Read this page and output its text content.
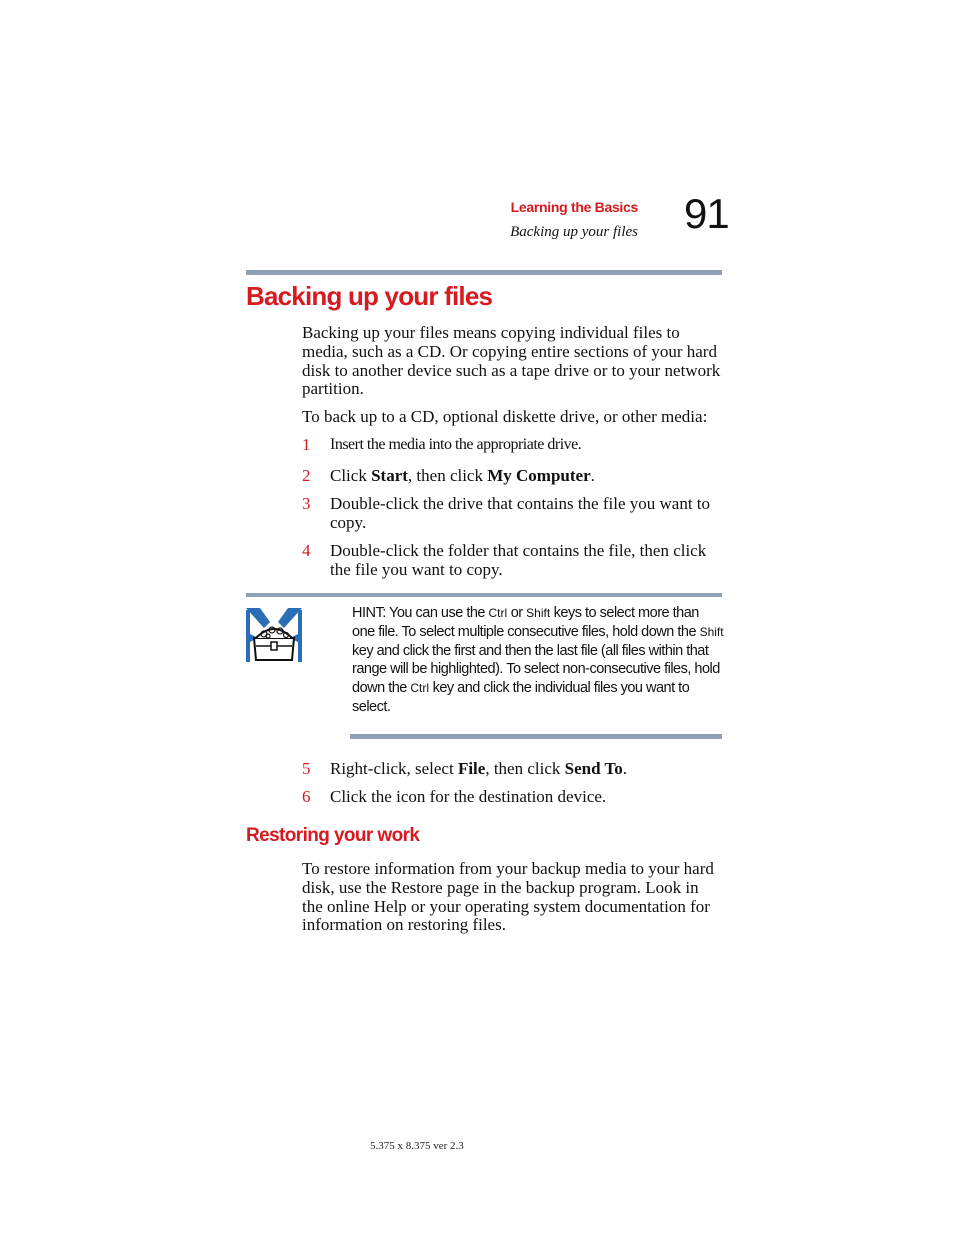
Learning the Basics
Backing up your files 91
Backing up your files

Backing up your files means copying individual files to media, such as a CD. Or copying entire sections of your hard disk to another device such as a tape drive or to your network partition.

To back up to a CD, optional diskette drive, or other media:

1 Insert the media into the appropriate drive.
2 Click Start, then click My Computer.
3 Double-click the drive that contains the file you want to copy.
4 Double-click the folder that contains the file, then click the file you want to copy.
HINT: You can use the Ctrl or Shift keys to select more than one file. To select multiple consecutive files, hold down the Shift key and click the first and then the last file (all files within that range will be highlighted). To select non-consecutive files, hold down the Ctrl key and click the individual files you want to select.
5 Right-click, select File, then click Send To.
6 Click the icon for the destination device.
Restoring your work

To restore information from your backup media to your hard disk, use the Restore page in the backup program. Look in the online Help or your operating system documentation for information on restoring files.

5.375 x 8.375 ver 2.3
